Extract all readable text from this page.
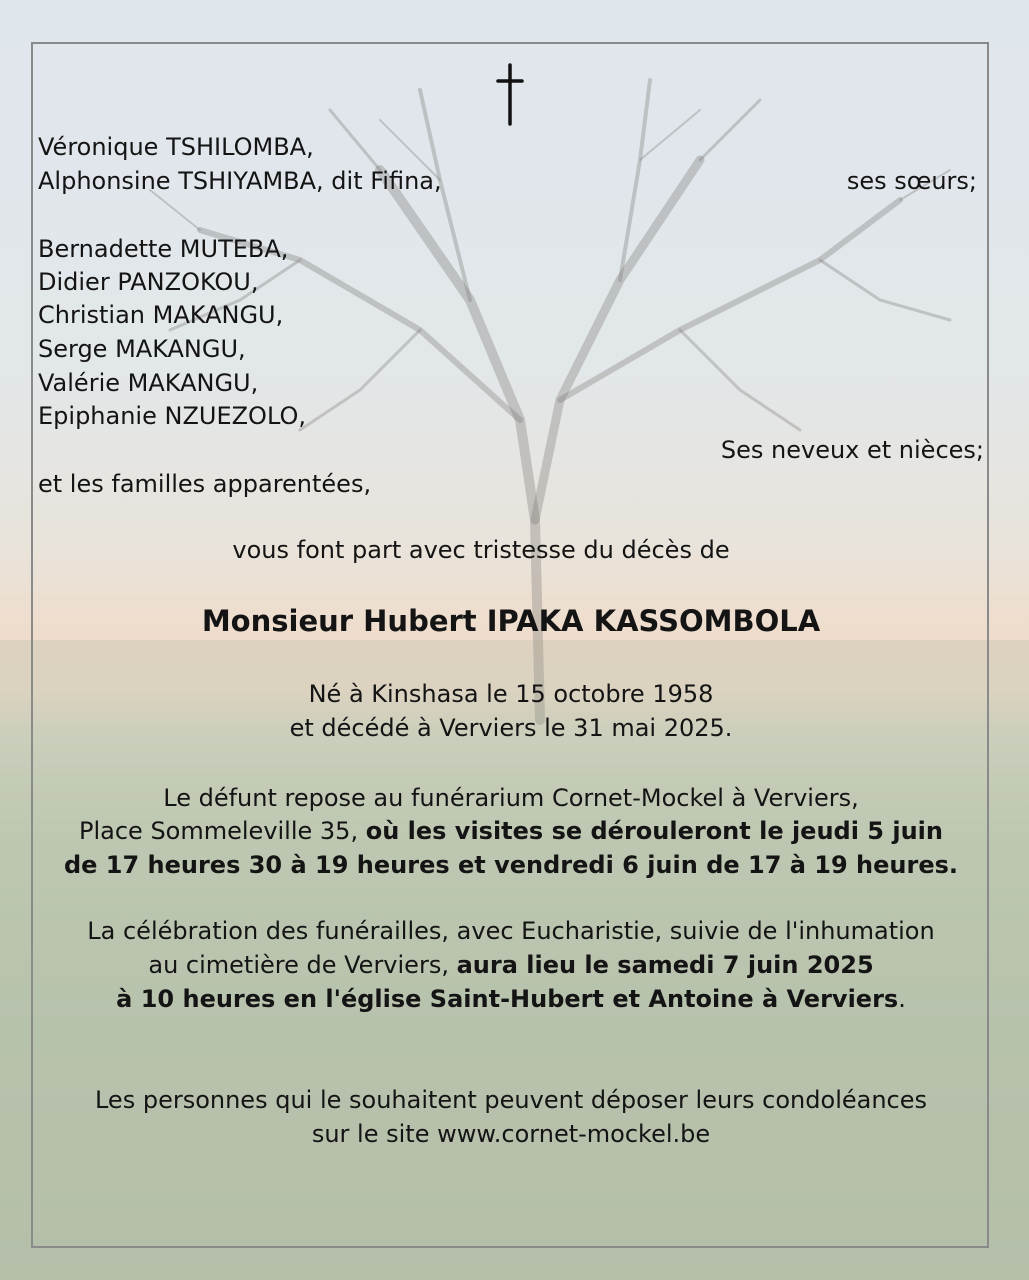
Véronique TSHILOMBA,
Alphonsine TSHIYAMBA, dit Fifina,	ses sœurs;
Bernadette MUTEBA,
Didier PANZOKOU,
Christian MAKANGU,
Serge MAKANGU,
Valérie MAKANGU,
Epiphanie NZUEZOLO,
Ses neveux et nièces;
et les familles apparentées,
vous font part avec tristesse du décès de
Monsieur Hubert IPAKA KASSOMBOLA
Né à Kinshasa le 15 octobre 1958
et décédé à Verviers le 31 mai 2025.
Le défunt repose au funérarium Cornet-Mockel à Verviers,
Place Sommeleville 35, où les visites se dérouleront le jeudi 5 juin
de 17 heures 30 à 19 heures et vendredi 6 juin de 17 à 19 heures.
La célébration des funérailles, avec Eucharistie, suivie de l'inhumation
au cimetière de Verviers, aura lieu le samedi 7 juin 2025
à 10 heures en l'église Saint-Hubert et Antoine à Verviers.
Les personnes qui le souhaitent peuvent déposer leurs condoléances
sur le site www.cornet-mockel.be
